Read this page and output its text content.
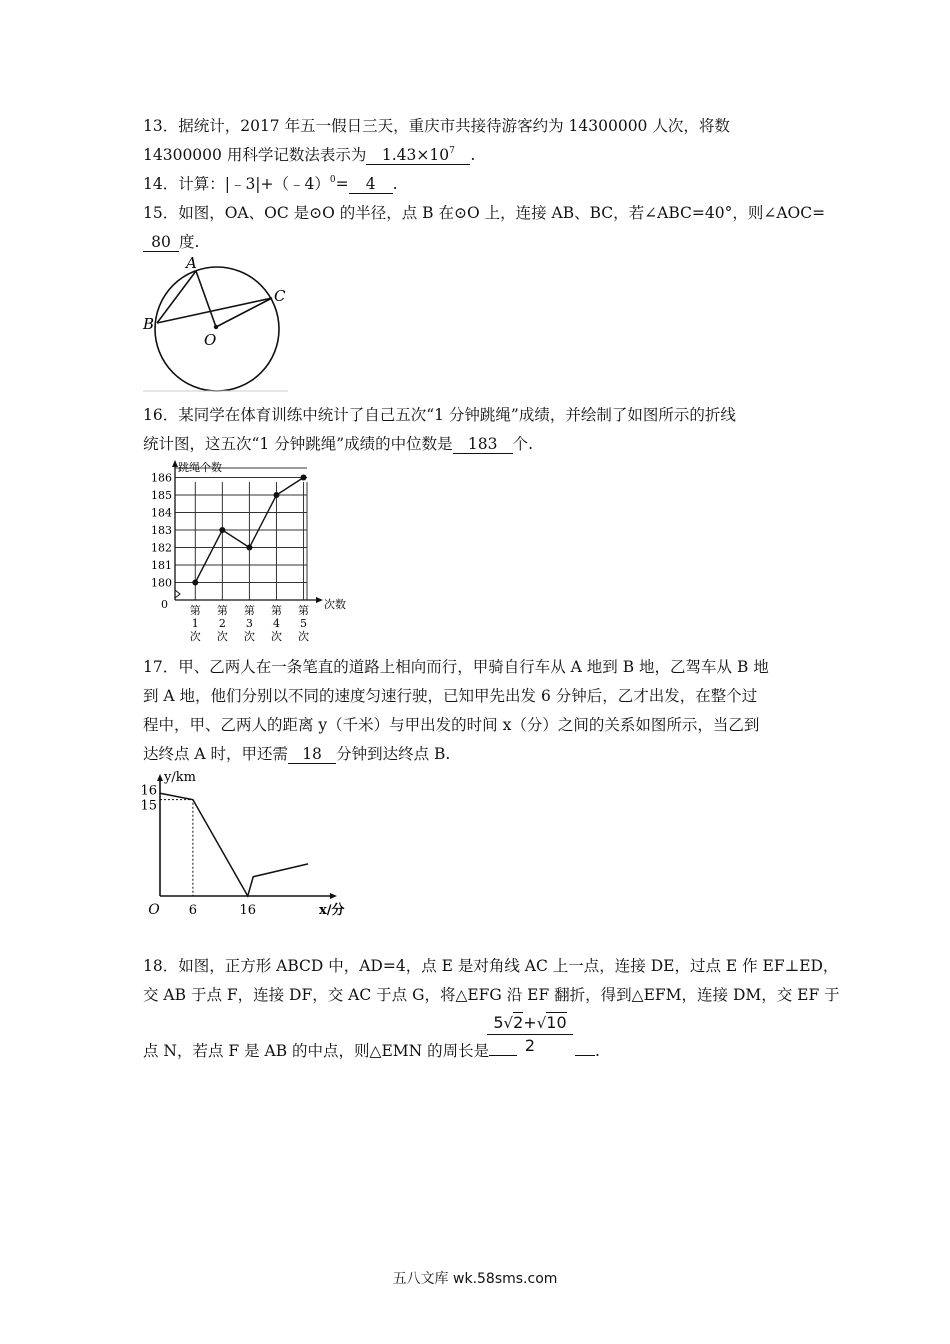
13．据统计，2017 年五一假日三天，重庆市共接待游客约为 14300000 人次，将数
14300000 用科学记数法表示为 $1.43\times 10^7$ .
14．计算：|﹣3|+（﹣4）$^0$= 4 .
15．如图，OA、OC 是⊙O 的半径，点 B 在⊙O 上，连接 AB、BC，若∠ABC=40°，则∠AOC=
80 度.
A
B
C
O
16．某同学在体育训练中统计了自己五次“1 分钟跳绳”成绩，并绘制了如图所示的折线
统计图，这五次“1 分钟跳绳”成绩的中位数是 183 个.
180
181
182
183
184
185
186
跳绳个数
次数
0 第
1
次
第
2
次
第
3
次
第
4
次
第
5
次
17．甲、乙两人在一条笔直的道路上相向而行，甲骑自行车从 A 地到 B 地，乙驾车从 B 地
到 A 地，他们分别以不同的速度匀速行驶，已知甲先出发 6 分钟后，乙才出发，在整个过
程中，甲、乙两人的距离 y（千米）与甲出发的时间 x（分）之间的关系如图所示，当乙到
达终点 A 时，甲还需 18 分钟到达终点 B.
y/km
x/分
O
15
16
6	16
18．如图，正方形 ABCD 中，AD=4，点 E 是对角线 AC 上一点，连接 DE，过点 E 作 EF⊥ED，
交 AB 于点 F，连接 DF，交 AC 于点 G，将△EFG 沿 EF 翻折，得到△EFM，连接 DM，交 EF 于
点 N，若点 F 是 AB 的中点，则△EMN 的周长是
5√2+√10
2	.
五八文库 wk.58sms.com
